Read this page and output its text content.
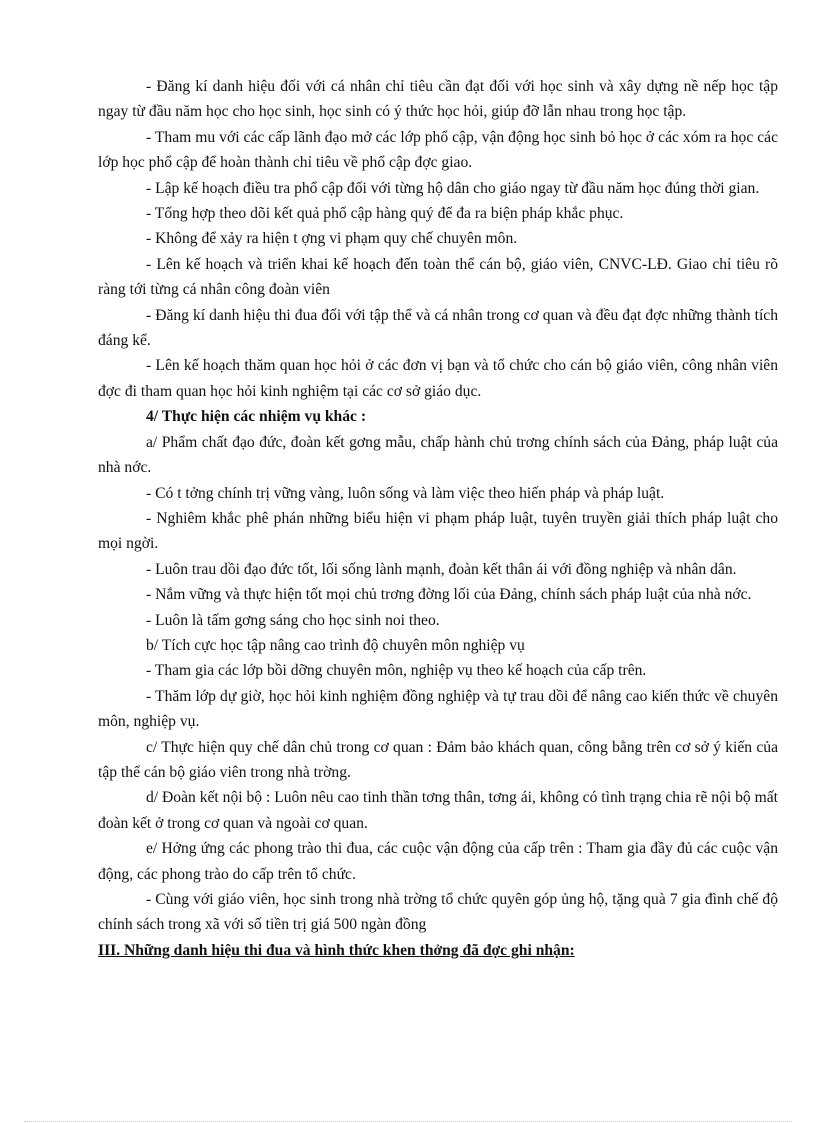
- Đăng kí danh hiệu đối với cá nhân chỉ tiêu cần đạt đối với học sinh và xây dựng nề nếp học tập ngay từ đầu năm học cho học sinh, học sinh có ý thức học hỏi, giúp đỡ lẫn nhau trong học tập.

- Tham mu với các cấp lãnh đạo mở các lớp phổ cập, vận động học sinh bỏ học ở các xóm ra học các lớp học phổ cập để hoàn thành chỉ tiêu về phổ cập đợc giao.

- Lập kế hoạch điều tra phổ cập đối với từng hộ dân cho giáo ngay từ đầu năm học đúng thời gian.

- Tổng hợp theo dõi kết quả phổ cập hàng quý để đa ra biện pháp khắc phục.

- Không để xảy ra hiện t ợng vi phạm quy chế chuyên môn.

- Lên kế hoạch và triển khai kế hoạch đến toàn thể cán bộ, giáo viên, CNVC-LĐ. Giao chỉ tiêu rõ ràng tới từng cá nhân công đoàn viên

- Đăng kí danh hiệu thi đua đối với tập thể và cá nhân trong cơ quan và đều đạt đợc những thành tích đáng kể.

- Lên kế hoạch thăm quan học hỏi ở các đơn vị bạn và tổ chức cho cán bộ giáo viên, công nhân viên đợc đi tham quan học hỏi kinh nghiệm tại các cơ sở giáo dục.

4/ Thực hiện các nhiệm vụ khác :

a/ Phẩm chất đạo đức, đoàn kết gơng mẫu, chấp hành chủ trơng chính sách của Đảng, pháp luật của nhà nớc.

- Có t tởng chính trị vững vàng, luôn sống và làm việc theo hiến pháp và pháp luật.

- Nghiêm khắc phê phán những biểu hiện vi phạm pháp luật, tuyên truyền giải thích pháp luật cho mọi ngời.

- Luôn trau dồi đạo đức tốt, lối sống lành mạnh, đoàn kết thân ái với đồng nghiệp và nhân dân.

- Nắm vững và thực hiện tốt mọi chủ trơng đờng lối của Đảng, chính sách pháp luật của nhà nớc.

- Luôn là tấm gơng sáng cho học sinh noi theo.

b/ Tích cực học tập nâng cao trình độ chuyên môn nghiệp vụ

- Tham gia các lớp bồi dỡng chuyên môn, nghiệp vụ theo kế hoạch của cấp trên.

- Thăm lớp dự giờ, học hỏi kinh nghiệm đồng nghiệp và tự trau dồi để nâng cao kiến thức về chuyên môn, nghiệp vụ.

c/ Thực hiện quy chế dân chủ trong cơ quan : Đảm bảo khách quan, công bằng trên cơ sở ý kiến của tập thể cán bộ giáo viên trong nhà trờng.

d/ Đoàn kết nội bộ : Luôn nêu cao tinh thần tơng thân, tơng ái, không có tình trạng chia rẽ nội bộ mất đoàn kết ở trong cơ quan và ngoài cơ quan.

e/ Hởng ứng các phong trào thi đua, các cuộc vận động của cấp trên : Tham gia đầy đủ các cuộc vận động, các phong trào do cấp trên tổ chức.

- Cùng với giáo viên, học sinh trong nhà trờng tổ chức quyên góp ủng hộ, tặng quà 7 gia đình chế độ chính sách trong xã với số tiền trị giá 500 ngàn đồng

III. Những danh hiệu thi đua và hình thức khen thởng đã đợc ghi nhận:
